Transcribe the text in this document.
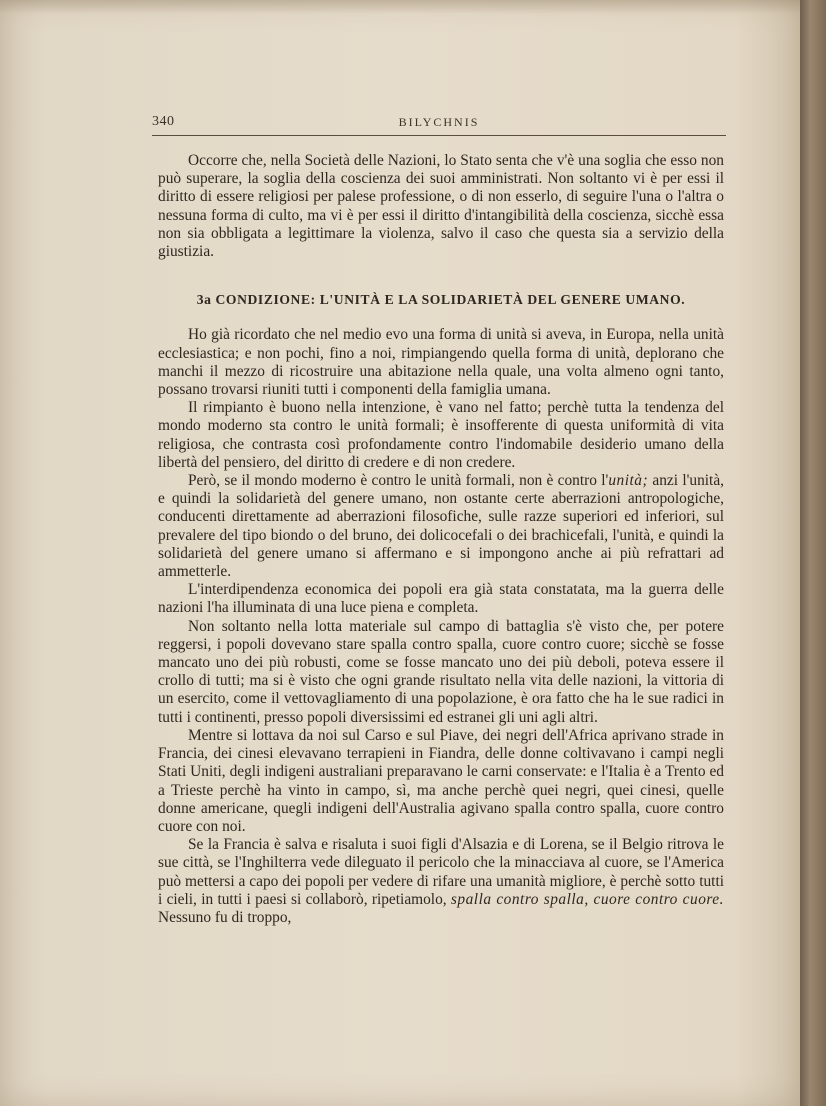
340	BILYCHNIS

Occorre che, nella Società delle Nazioni, lo Stato senta che v'è una soglia che esso non può superare, la soglia della coscienza dei suoi amministrati. Non soltanto vi è per essi il diritto di essere religiosi per palese professione, o di non esserlo, di seguire l'una o l'altra o nessuna forma di culto, ma vi è per essi il diritto d'intangibilità della coscienza, sicchè essa non sia obbligata a legittimare la violenza, salvo il caso che questa sia a servizio della giustizia.

3a CONDIZIONE: L'UNITÀ E LA SOLIDARIETÀ DEL GENERE UMANO.

Ho già ricordato che nel medio evo una forma di unità si aveva, in Europa, nella unità ecclesiastica; e non pochi, fino a noi, rimpiangendo quella forma di unità, deplorano che manchi il mezzo di ricostruire una abitazione nella quale, una volta almeno ogni tanto, possano trovarsi riuniti tutti i componenti della famiglia umana.

Il rimpianto è buono nella intenzione, è vano nel fatto; perchè tutta la tendenza del mondo moderno sta contro le unità formali; è insofferente di questa uniformità di vita religiosa, che contrasta così profondamente contro l'indomabile desiderio umano della libertà del pensiero, del diritto di credere e di non credere.

Però, se il mondo moderno è contro le unità formali, non è contro l'unità; anzi l'unità, e quindi la solidarietà del genere umano, non ostante certe aberrazioni antropologiche, conducenti direttamente ad aberrazioni filosofiche, sulle razze superiori ed inferiori, sul prevalere del tipo biondo o del bruno, dei dolicocefali o dei brachicefali, l'unità, e quindi la solidarietà del genere umano si affermano e si impongono anche ai più refrattari ad ammetterle.

L'interdipendenza economica dei popoli era già stata constatata, ma la guerra delle nazioni l'ha illuminata di una luce piena e completa.

Non soltanto nella lotta materiale sul campo di battaglia s'è visto che, per potere reggersi, i popoli dovevano stare spalla contro spalla, cuore contro cuore; sicchè se fosse mancato uno dei più robusti, come se fosse mancato uno dei più deboli, poteva essere il crollo di tutti; ma si è visto che ogni grande risultato nella vita delle nazioni, la vittoria di un esercito, come il vettovagliamento di una popolazione, è ora fatto che ha le sue radici in tutti i continenti, presso popoli diversissimi ed estranei gli uni agli altri.

Mentre si lottava da noi sul Carso e sul Piave, dei negri dell'Africa aprivano strade in Francia, dei cinesi elevavano terrapieni in Fiandra, delle donne coltivavano i campi negli Stati Uniti, degli indigeni australiani preparavano le carni conservate: e l'Italia è a Trento ed a Trieste perchè ha vinto in campo, sì, ma anche perchè quei negri, quei cinesi, quelle donne americane, quegli indigeni dell'Australia agivano spalla contro spalla, cuore contro cuore con noi.

Se la Francia è salva e risaluta i suoi figli d'Alsazia e di Lorena, se il Belgio ritrova le sue città, se l'Inghilterra vede dileguato il pericolo che la minacciava al cuore, se l'America può mettersi a capo dei popoli per vedere di rifare una umanità migliore, è perchè sotto tutti i cieli, in tutti i paesi si collaborò, ripetiamolo, spalla contro spalla, cuore contro cuore. Nessuno fu di troppo,
